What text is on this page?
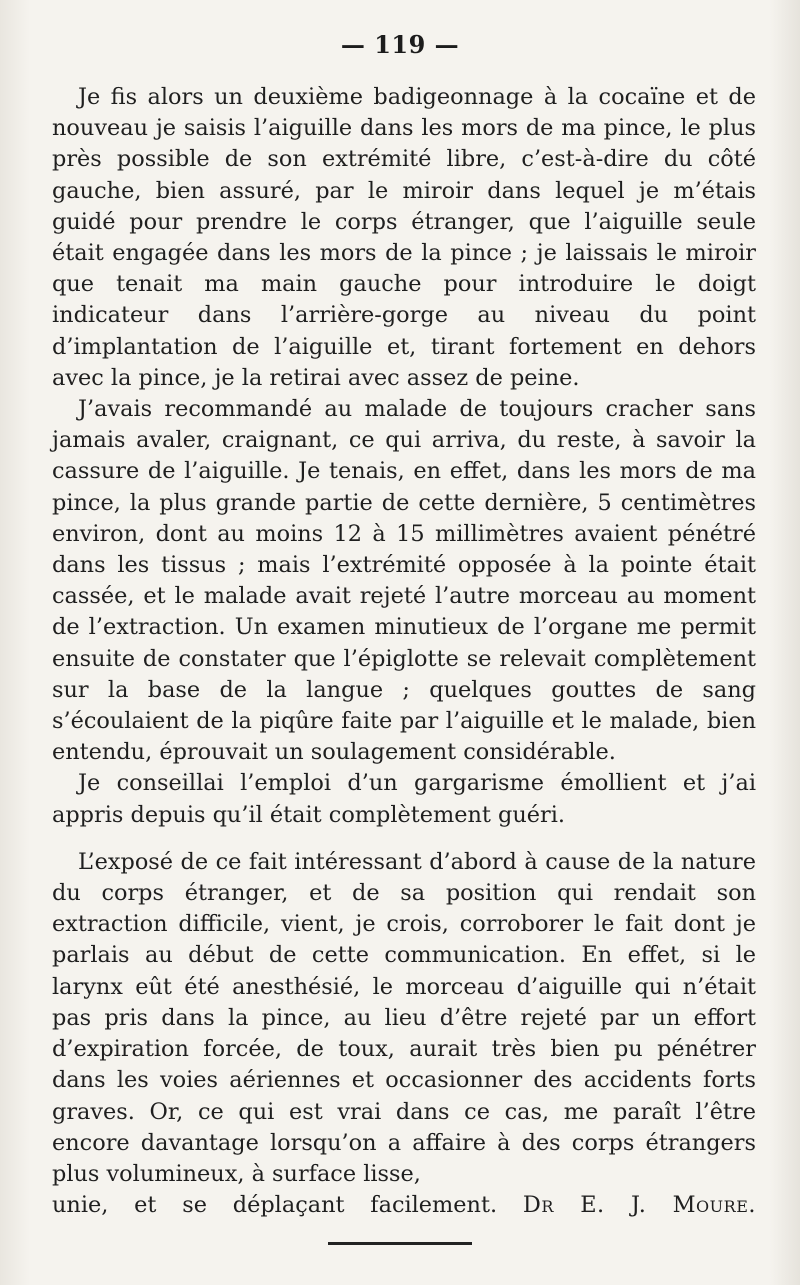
— 119 —

Je fis alors un deuxième badigeonnage à la cocaïne et de nouveau je saisis l’aiguille dans les mors de ma pince, le plus près possible de son extrémité libre, c’est-à-dire du côté gauche, bien assuré, par le miroir dans lequel je m’étais guidé pour prendre le corps étranger, que l’aiguille seule était engagée dans les mors de la pince ; je laissais le miroir que tenait ma main gauche pour introduire le doigt indicateur dans l’arrière-gorge au niveau du point d’implantation de l’aiguille et, tirant fortement en dehors avec la pince, je la retirai avec assez de peine.

J’avais recommandé au malade de toujours cracher sans jamais avaler, craignant, ce qui arriva, du reste, à savoir la cassure de l’aiguille. Je tenais, en effet, dans les mors de ma pince, la plus grande partie de cette dernière, 5 centimètres environ, dont au moins 12 à 15 millimètres avaient pénétré dans les tissus ; mais l’extrémité opposée à la pointe était cassée, et le malade avait rejeté l’autre morceau au moment de l’extraction. Un examen minutieux de l’organe me permit ensuite de constater que l’épiglotte se relevait complètement sur la base de la langue ; quelques gouttes de sang s’écoulaient de la piqûre faite par l’aiguille et le malade, bien entendu, éprouvait un soulagement considérable.

Je conseillai l’emploi d’un gargarisme émollient et j’ai appris depuis qu’il était complètement guéri.

L’exposé de ce fait intéressant d’abord à cause de la nature du corps étranger, et de sa position qui rendait son extraction difficile, vient, je crois, corroborer le fait dont je parlais au début de cette communication. En effet, si le larynx eût été anesthésié, le morceau d’aiguille qui n’était pas pris dans la pince, au lieu d’être rejeté par un effort d’expiration forcée, de toux, aurait très bien pu pénétrer dans les voies aériennes et occasionner des accidents forts graves. Or, ce qui est vrai dans ce cas, me paraît l’être encore davantage lorsqu’on a affaire à des corps étrangers plus volumineux, à surface lisse,

unie, et se déplaçant facilement. Dr E. J. Moure.
